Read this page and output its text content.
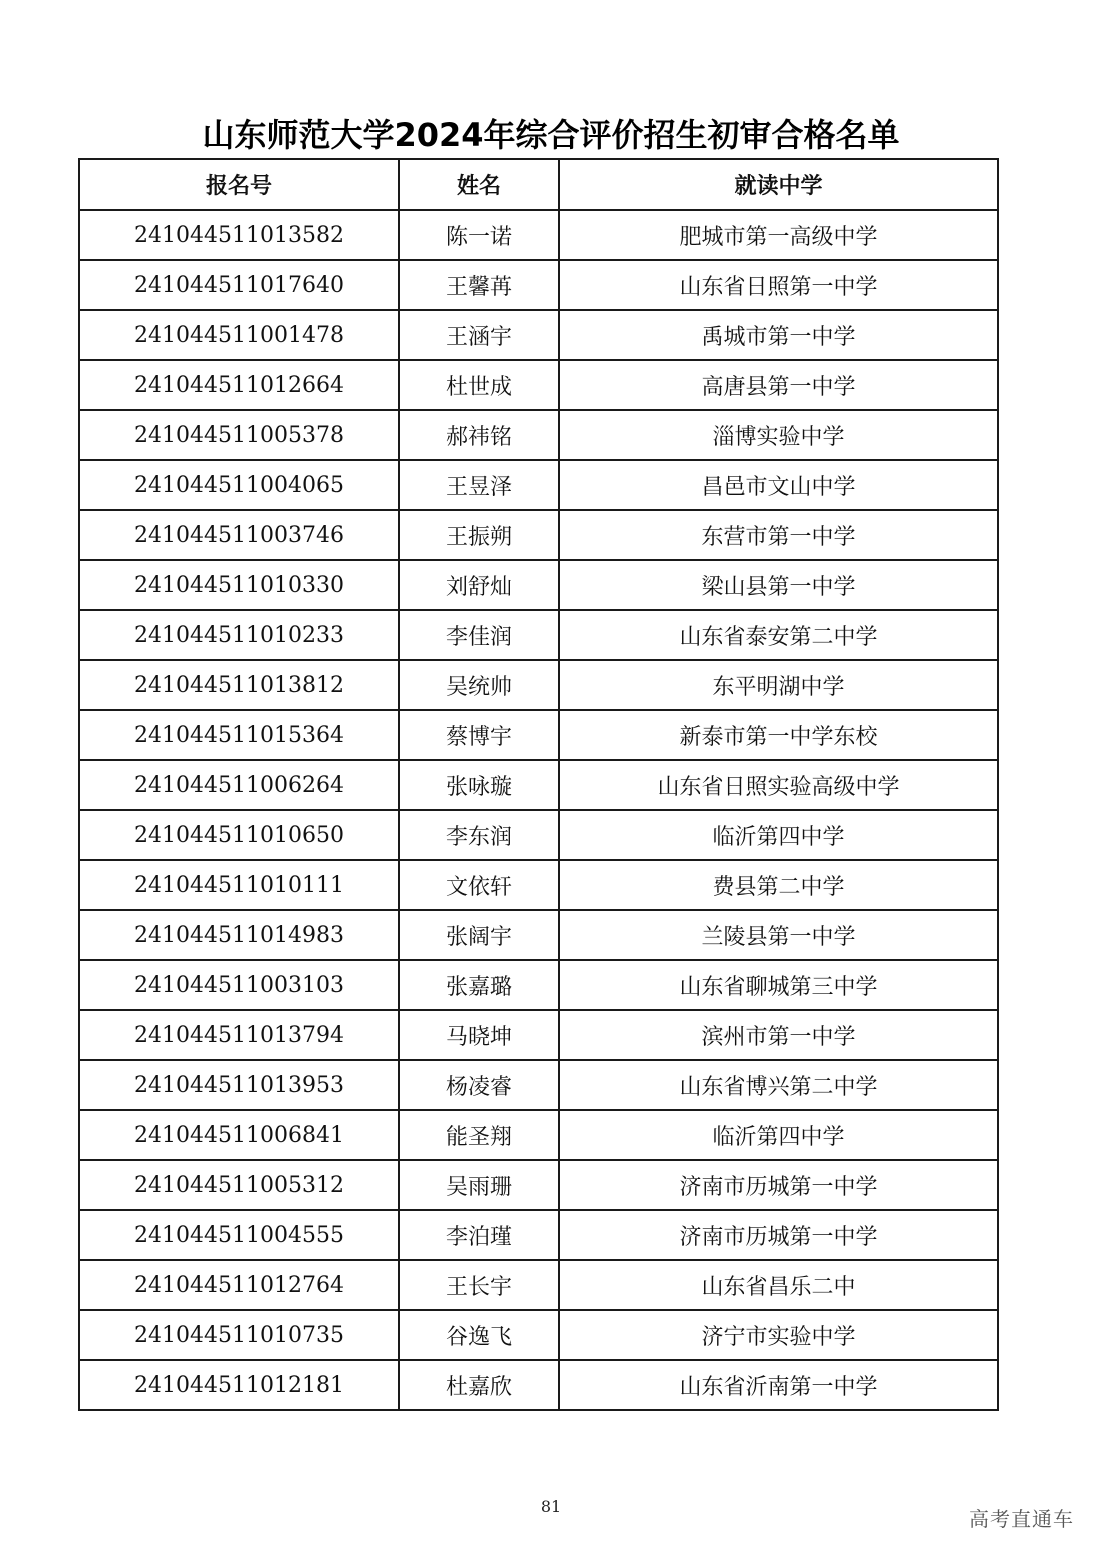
山东师范大学2024年综合评价招生初审合格名单
报名号	姓名	就读中学
241044511013582	陈一诺	肥城市第一高级中学
241044511017640	王馨苒	山东省日照第一中学
241044511001478	王涵宇	禹城市第一中学
241044511012664	杜世成	高唐县第一中学
241044511005378	郝祎铭	淄博实验中学
241044511004065	王昱泽	昌邑市文山中学
241044511003746	王振朔	东营市第一中学
241044511010330	刘舒灿	梁山县第一中学
241044511010233	李佳润	山东省泰安第二中学
241044511013812	吴统帅	东平明湖中学
241044511015364	蔡博宇	新泰市第一中学东校
241044511006264	张咏璇	山东省日照实验高级中学
241044511010650	李东润	临沂第四中学
241044511010111	文依轩	费县第二中学
241044511014983	张阔宇	兰陵县第一中学
241044511003103	张嘉璐	山东省聊城第三中学
241044511013794	马晓坤	滨州市第一中学
241044511013953	杨凌睿	山东省博兴第二中学
241044511006841	能圣翔	临沂第四中学
241044511005312	吴雨珊	济南市历城第一中学
241044511004555	李泊瑾	济南市历城第一中学
241044511012764	王长宇	山东省昌乐二中
241044511010735	谷逸飞	济宁市实验中学
241044511012181	杜嘉欣	山东省沂南第一中学
81
高考直通车
